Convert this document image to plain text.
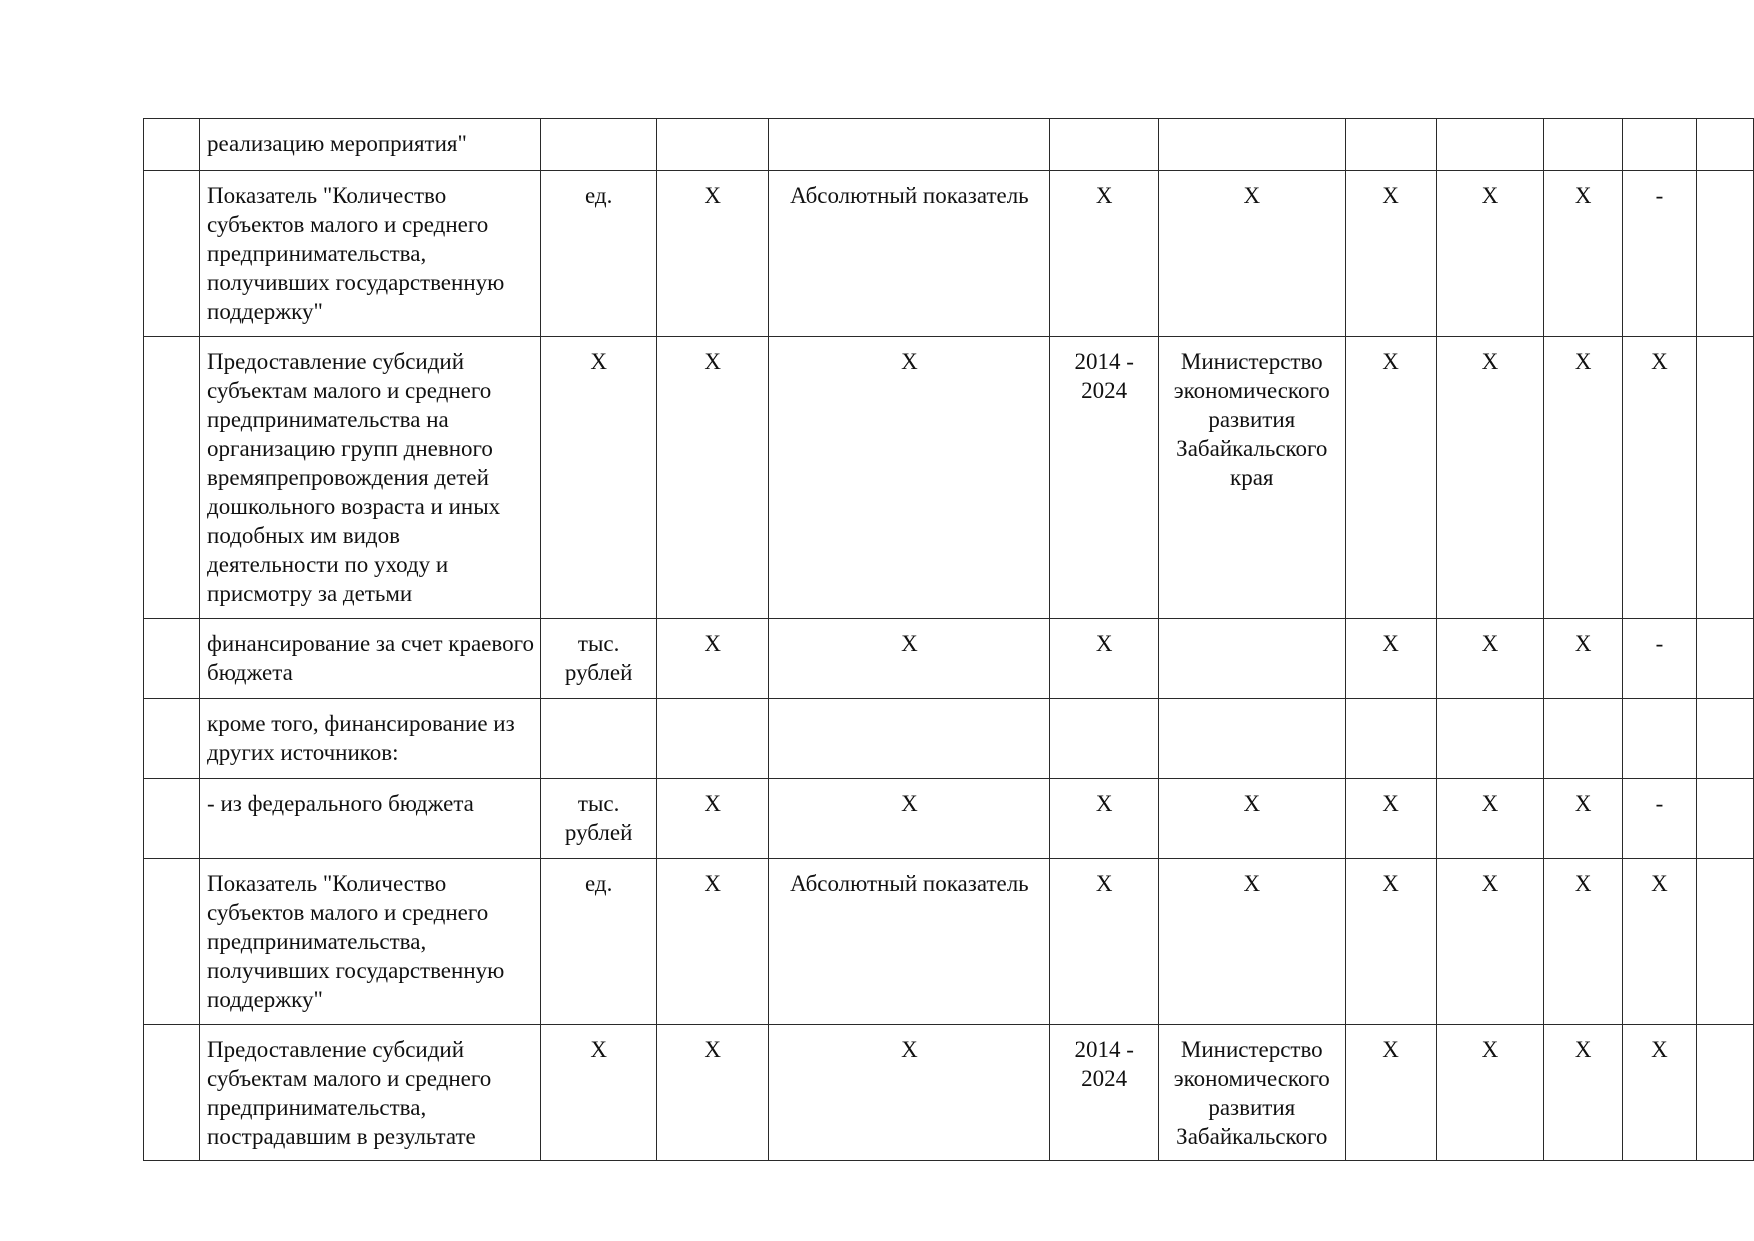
	реализацию мероприятия"										
	Показатель "Количество субъектов малого и среднего предпринимательства, получивших государственную поддержку"	ед.	X	Абсолютный показатель	X	X	X	X	X	-	
	Предоставление субсидий субъектам малого и среднего предпринимательства на организацию групп дневного времяпрепровождения детей дошкольного возраста и иных подобных им видов деятельности по уходу и присмотру за детьми	X	X	X	2014 - 2024	Министерство экономического развития Забайкальского края	X	X	X	X	
	финансирование за счет краевого бюджета	тыс. рублей	X	X	X		X	X	X	-	
	кроме того, финансирование из других источников:										
	- из федерального бюджета	тыс. рублей	X	X	X	X	X	X	X	-	
	Показатель "Количество субъектов малого и среднего предпринимательства, получивших государственную поддержку"	ед.	X	Абсолютный показатель	X	X	X	X	X	X	
	Предоставление субсидий субъектам малого и среднего предпринимательства, пострадавшим в результате	X	X	X	2014 - 2024	Министерство экономического развития Забайкальского	X	X	X	X	
